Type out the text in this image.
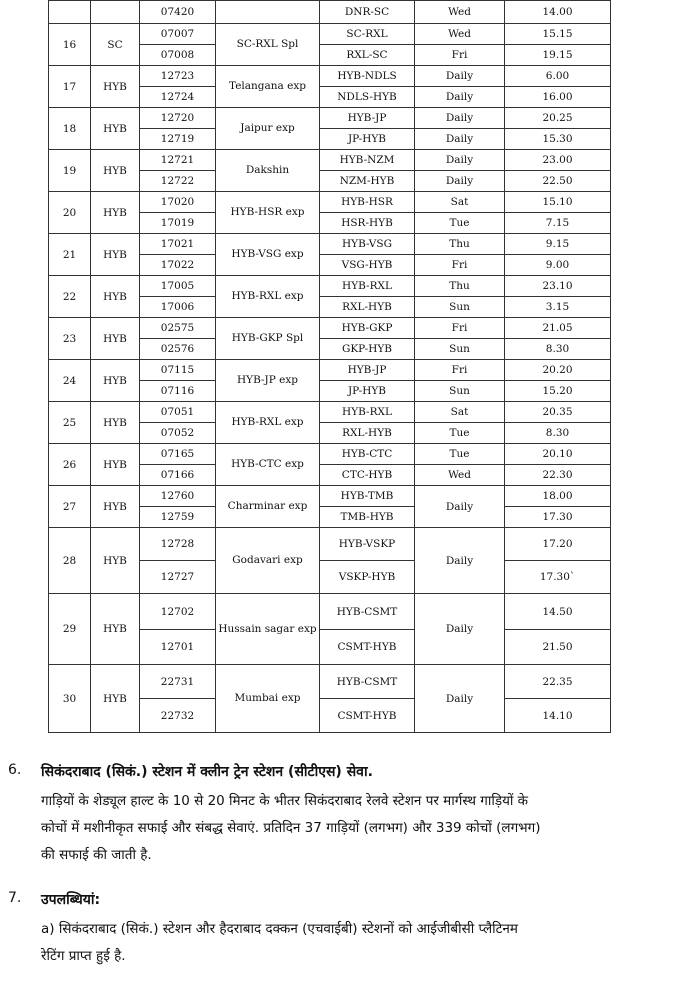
		07420		DNR-SC	Wed	14.00
16	SC	07007	SC-RXL Spl	SC-RXL	Wed	15.15
		07008		RXL-SC	Fri	19.15
17	HYB	12723	Telangana exp	HYB-NDLS	Daily	6.00
		12724		NDLS-HYB	Daily	16.00
18	HYB	12720	Jaipur exp	HYB-JP	Daily	20.25
		12719		JP-HYB	Daily	15.30
19	HYB	12721	Dakshin	HYB-NZM	Daily	23.00
		12722		NZM-HYB	Daily	22.50
20	HYB	17020	HYB-HSR exp	HYB-HSR	Sat	15.10
		17019		HSR-HYB	Tue	7.15
21	HYB	17021	HYB-VSG exp	HYB-VSG	Thu	9.15
		17022		VSG-HYB	Fri	9.00
22	HYB	17005	HYB-RXL exp	HYB-RXL	Thu	23.10
		17006		RXL-HYB	Sun	3.15
23	HYB	02575	HYB-GKP Spl	HYB-GKP	Fri	21.05
		02576		GKP-HYB	Sun	8.30
24	HYB	07115	HYB-JP exp	HYB-JP	Fri	20.20
		07116		JP-HYB	Sun	15.20
25	HYB	07051	HYB-RXL exp	HYB-RXL	Sat	20.35
		07052		RXL-HYB	Tue	8.30
26	HYB	07165	HYB-CTC exp	HYB-CTC	Tue	20.10
		07166		CTC-HYB	Wed	22.30
27	HYB	12760	Charminar exp	HYB-TMB	Daily	18.00
		12759		TMB-HYB		17.30
28	HYB	12728	Godavari exp	HYB-VSKP	Daily	17.20
		12727		VSKP-HYB		17.30`
29	HYB	12702	Hussain sagar exp	HYB-CSMT	Daily	14.50
		12701		CSMT-HYB		21.50
30	HYB	22731	Mumbai exp	HYB-CSMT	Daily	22.35
		22732		CSMT-HYB		14.10
6. सिकंदराबाद (सिकं.) स्टेशन में क्लीन ट्रेन स्टेशन (सीटीएस) सेवा.

गाड़ियों के शेड्यूल हाल्ट के 10 से 20 मिनट के भीतर सिकंदराबाद रेलवे स्टेशन पर मार्गस्थ गाड़ियों के
कोचों में मशीनीकृत सफाई और संबद्ध सेवाएं. प्रतिदिन 37 गाड़ियों (लगभग) और 339 कोचों (लगभग)
की सफाई की जाती है.

7. उपलब्धियां:

a) सिकंदराबाद (सिकं.) स्टेशन और हैदराबाद दक्कन (एचवाईबी) स्टेशनों को आईजीबीसी प्लैटिनम
रेटिंग प्राप्त हुई है.
